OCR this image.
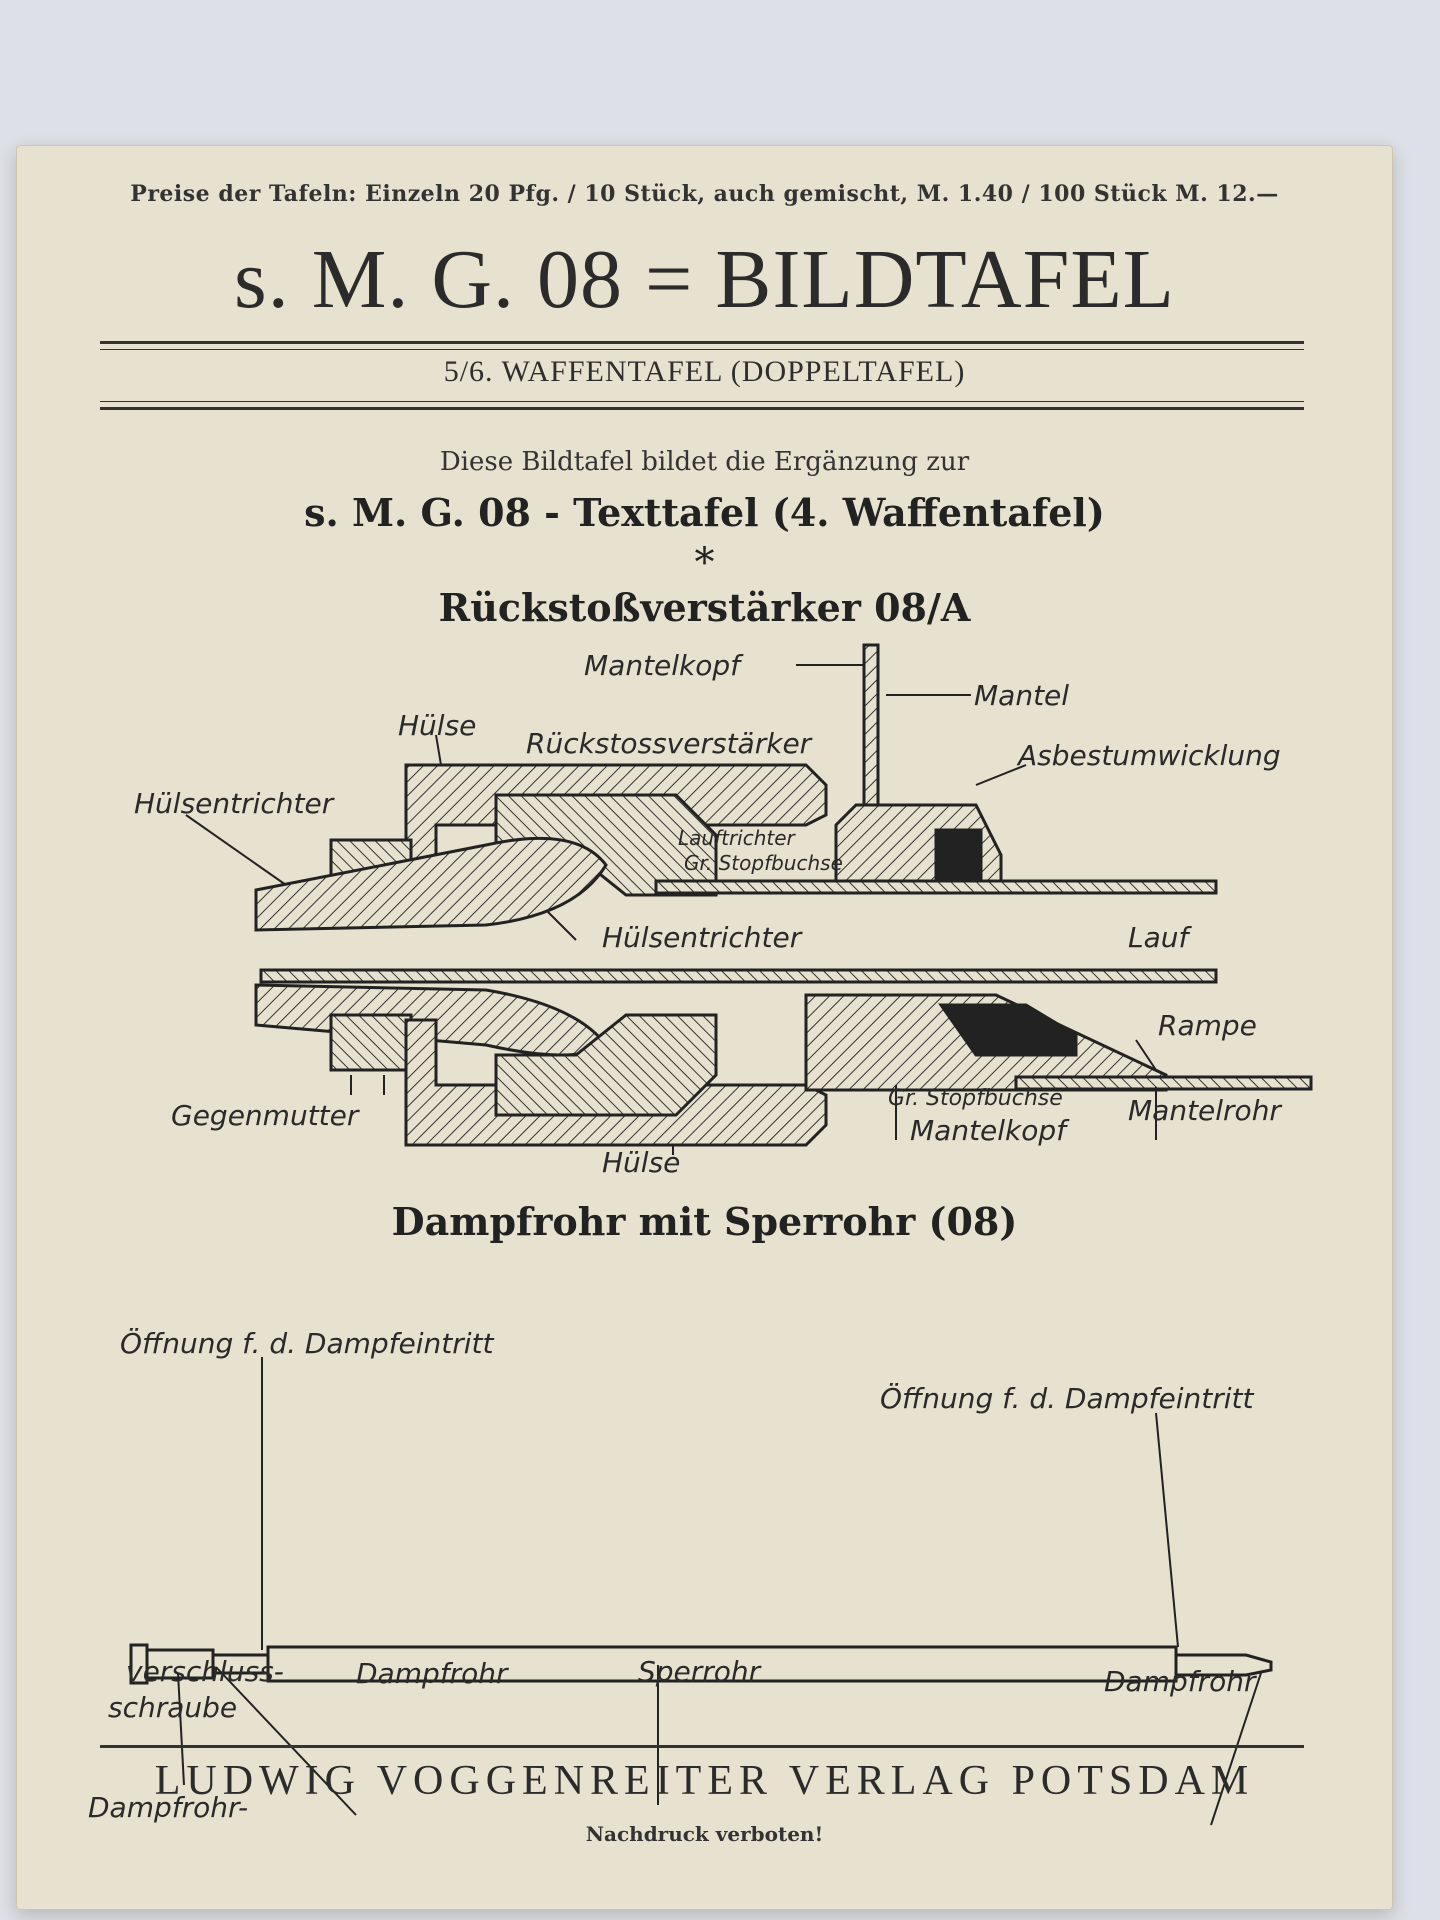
Preise der Tafeln: Einzeln 20 Pfg. / 10 Stück, auch gemischt, M. 1.40 / 100 Stück M. 12.—
s. M. G. 08 = BILDTAFEL
5/6. WAFFENTAFEL (DOPPELTAFEL)
Diese Bildtafel bildet die Ergänzung zur
s. M. G. 08 - Texttafel (4. Waffentafel)
*
Rückstoßverstärker 08/A
Mantelkopf
Mantel
Hülse
Rückstossverstärker	Asbestumwicklung
Hülsentrichter
Lauftrichter
Gr. Stopfbuchse
Hülsentrichter	Lauf
Rampe
Gegenmutter
Gr. Stopfbuchse Mantelrohr
Mantelkopf
Hülse
Dampfrohr mit Sperrohr (08)
Öffnung f. d. Dampfeintritt
Öffnung f. d. Dampfeintritt
Dampfrohr-
verschluss-
schraube
Dampfrohr	Sperrohr	Dampfrohr
LUDWIG VOGGENREITER VERLAG POTSDAM
Nachdruck verboten!
